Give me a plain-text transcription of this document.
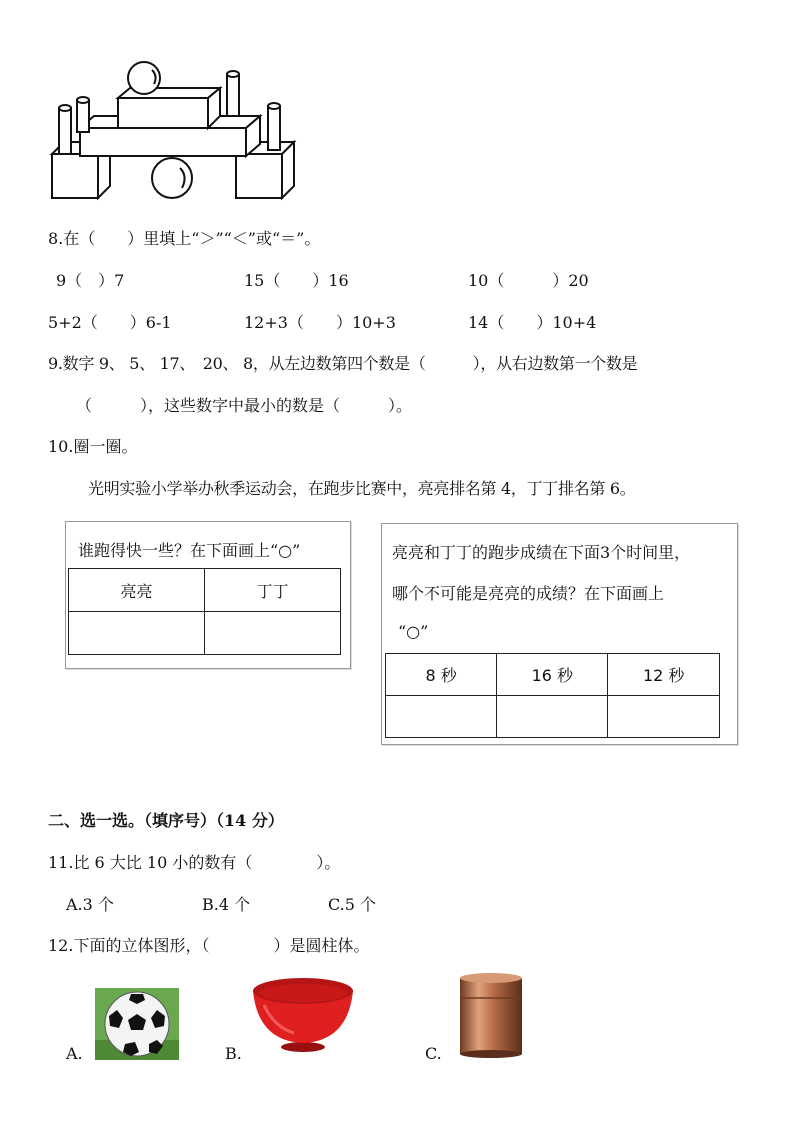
8.在（　　）里填上“＞”“＜”或“＝”。
9（　）7	15（　　）16	10（　　　）20
5+2（　　）6-1	12+3（　　）10+3	14（　　）10+4
9.数字 9、 5、 17、　20、 8，从左边数第四个数是（　　　），从右边数第一个数是
（　　　），这些数字中最小的数是（　　　）。
10.圈一圈。
光明实验小学举办秋季运动会，在跑步比赛中，亮亮排名第 4，丁丁排名第 6。
谁跑得快一些？在下面画上“○”
亮亮	丁丁

亮亮和丁丁的跑步成绩在下面3个时间里，
哪个不可能是亮亮的成绩？在下面画上
“○”
8 秒	16 秒	12 秒

二、选一选。（填序号）（14 分）
11.比 6 大比 10 小的数有（　　　　）。
A.3 个	B.4 个	C.5 个
12.下面的立体图形，（　　　　）是圆柱体。
A.	B.	C.
